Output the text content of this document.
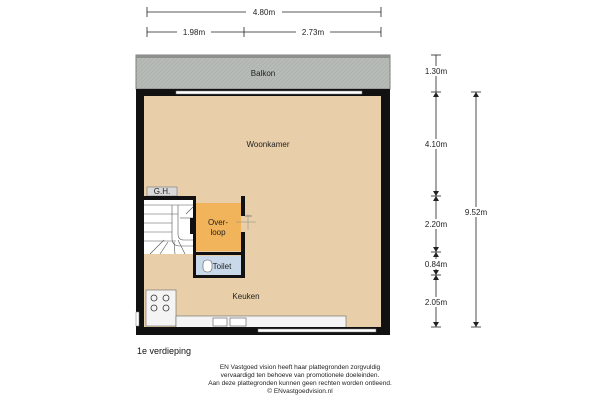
4.80m
1.98m	2.73m
1.30m
4.10m
2.20m
0.84m
2.05m
9.52m
Balkon
G.H.
Over-
loop
Toilet
Woonkamer
Keuken
1e verdieping
EN Vastgoed vision heeft haar plattegronden zorgvuldig
vervaardigd ten behoeve van promotionele doeleinden.
Aan deze plattegronden kunnen geen rechten worden ontleend.
© ENvastgoedvision.nl
